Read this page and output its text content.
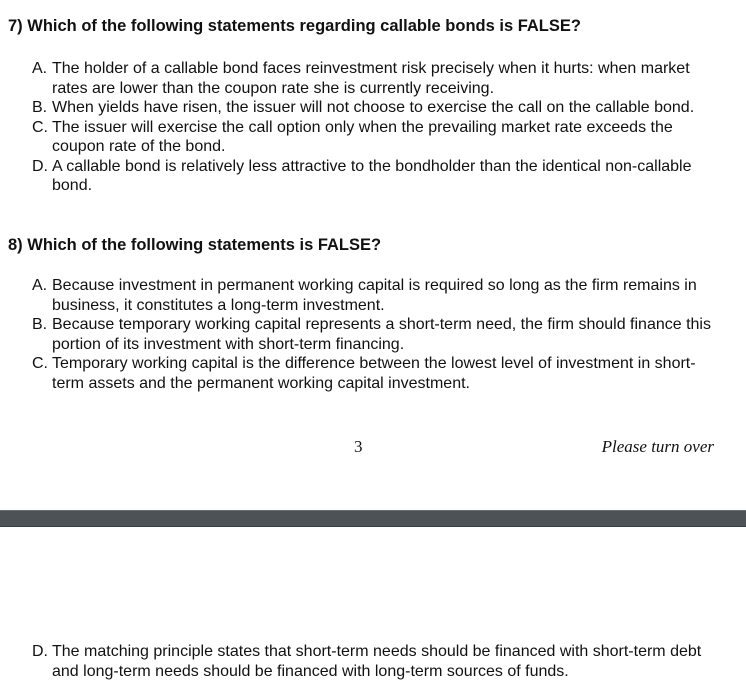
7) Which of the following statements regarding callable bonds is FALSE?
A. The holder of a callable bond faces reinvestment risk precisely when it hurts: when market rates are lower than the coupon rate she is currently receiving.
B. When yields have risen, the issuer will not choose to exercise the call on the callable bond.
C. The issuer will exercise the call option only when the prevailing market rate exceeds the coupon rate of the bond.
D. A callable bond is relatively less attractive to the bondholder than the identical non-callable bond.
8) Which of the following statements is FALSE?
A. Because investment in permanent working capital is required so long as the firm remains in business, it constitutes a long-term investment.
B. Because temporary working capital represents a short-term need, the firm should finance this portion of its investment with short-term financing.
C. Temporary working capital is the difference between the lowest level of investment in short-term assets and the permanent working capital investment.
3	Please turn over
D. The matching principle states that short-term needs should be financed with short-term debt and long-term needs should be financed with long-term sources of funds.
